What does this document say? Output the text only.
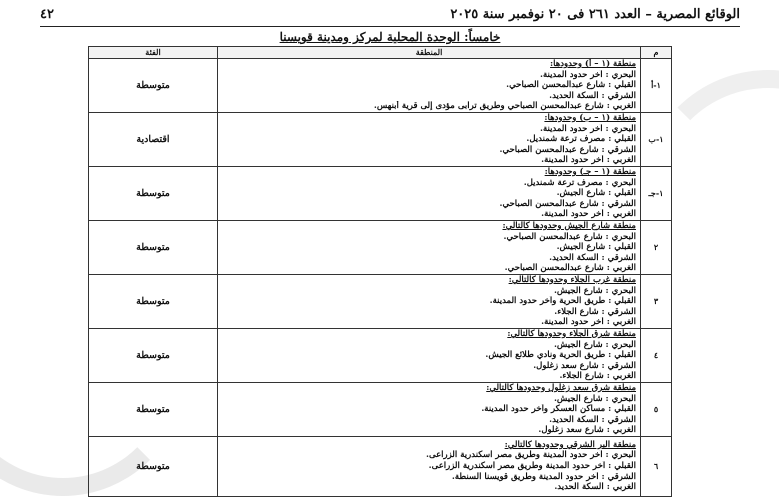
٤٢	الوقائع المصرية – العدد ٢٦١ فى ٢٠ نوفمبر سنة ٢٠٢٥
خامساً: الوحدة المحلية لمركز ومدينة قويسنا
م	المنطقة	الفئة
١-أ	منطقة (١ – أ) وحدودها:
البحري : آخر حدود المدينة.
القبلي : شارع عبدالمحسن الصباحي.
الشرقي : السكة الحديد.
الغربي : شارع عبدالمحسن الصباحي وطريق ترابى مؤدى إلى قرية أبنهس.	متوسطة
١-ب	منطقة (١ – ب) وحدودها:
البحري : آخر حدود المدينة.
القبلي : مصرف ترعة شمنديل.
الشرقي : شارع عبدالمحسن الصباحي.
الغربي : آخر حدود المدينة.	اقتصادية
١-جـ	منطقة (١ – جـ) وحدودها:
البحري : مصرف ترعة شمنديل.
القبلي : شارع الجيش.
الشرقي : شارع عبدالمحسن الصباحي.
الغربي : آخر حدود المدينة.	متوسطة
٢	منطقة شارع الجيش وحدودها كالتالي:
البحري : شارع عبدالمحسن الصباحي.
القبلي : شارع الجيش.
الشرقي : السكة الحديد.
الغربي : شارع عبدالمحسن الصباحي.	متوسطة
٣	منطقة غرب الجلاء وحدودها كالتالي:
البحري : شارع الجيش.
القبلي : طريق الحرية وآخر حدود المدينة.
الشرقي : شارع الجلاء.
الغربي : آخر حدود المدينة.	متوسطة
٤	منطقة شرق الجلاء وحدودها كالتالي:
البحري : شارع الجيش.
القبلي : طريق الحرية ونادي طلائع الجيش.
الشرقي : شارع سعد زغلول.
الغربي : شارع الجلاء.	متوسطة
٥	منطقة شرق سعد زغلول وحدودها كالتالي:
البحري : شارع الجيش.
القبلي : مساكن العسكر وآخر حدود المدينة.
الشرقي : السكة الحديد.
الغربي : شارع سعد زغلول.	متوسطة
٦	منطقة البر الشرقي وحدودها كالتالي:
البحري : آخر حدود المدينة وطريق مصر اسكندرية الزراعى.
القبلي : آخر حدود المدينة وطريق مصر اسكندرية الزراعى.
الشرقي : آخر حدود المدينة وطريق قويسنا السنطة.
الغربي : السكة الحديد.	متوسطة
